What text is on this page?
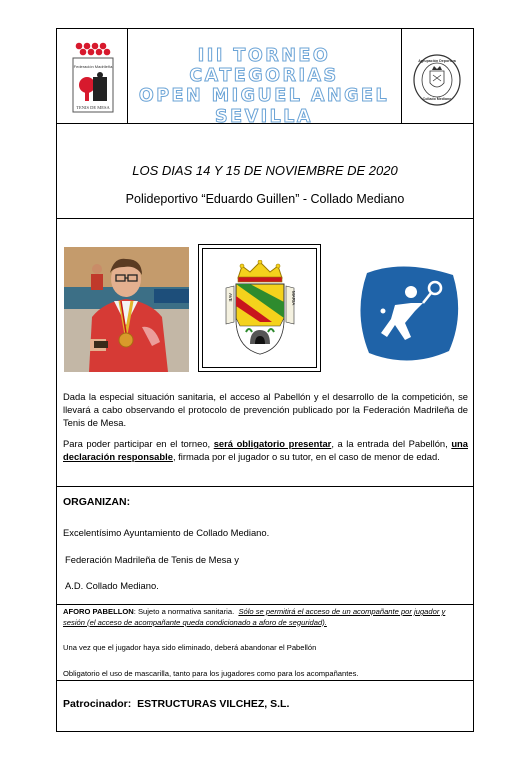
Federación Madrileña
TENIS DE MESA
III TORNEO CATEGORIAS
OPEN MIGUEL ANGEL
SEVILLA
Agrupación Deportiva
Collado Mediano
LOS DIAS 14 Y 15 DE NOVIEMBRE DE 2020
Polideportivo “Eduardo Guillen” - Collado Mediano
AVE	MARIA
Dada la especial situación sanitaria, el acceso al Pabellón y el desarrollo de la competición, se llevará a cabo observando el protocolo de prevención publicado por la Federación Madrileña de Tenis de Mesa.
Para poder participar en el torneo, será obligatorio presentar, a la entrada del Pabellón, una declaración responsable, firmada por el jugador o su tutor, en el caso de menor de edad.
ORGANIZAN:
Excelentísimo Ayuntamiento de Collado Mediano.
Federación Madrileña de Tenis de Mesa y
A.D. Collado Mediano.
AFORO PABELLON: Sujeto a normativa sanitaria. Sólo se permitirá el acceso de un acompañante por jugador y sesión (el acceso de acompañante queda condicionado a aforo de seguridad).
Una vez que el jugador haya sido eliminado, deberá abandonar el Pabellón
Obligatorio el uso de mascarilla, tanto para los jugadores como para los acompañantes.
Patrocinador: ESTRUCTURAS VILCHEZ, S.L.
